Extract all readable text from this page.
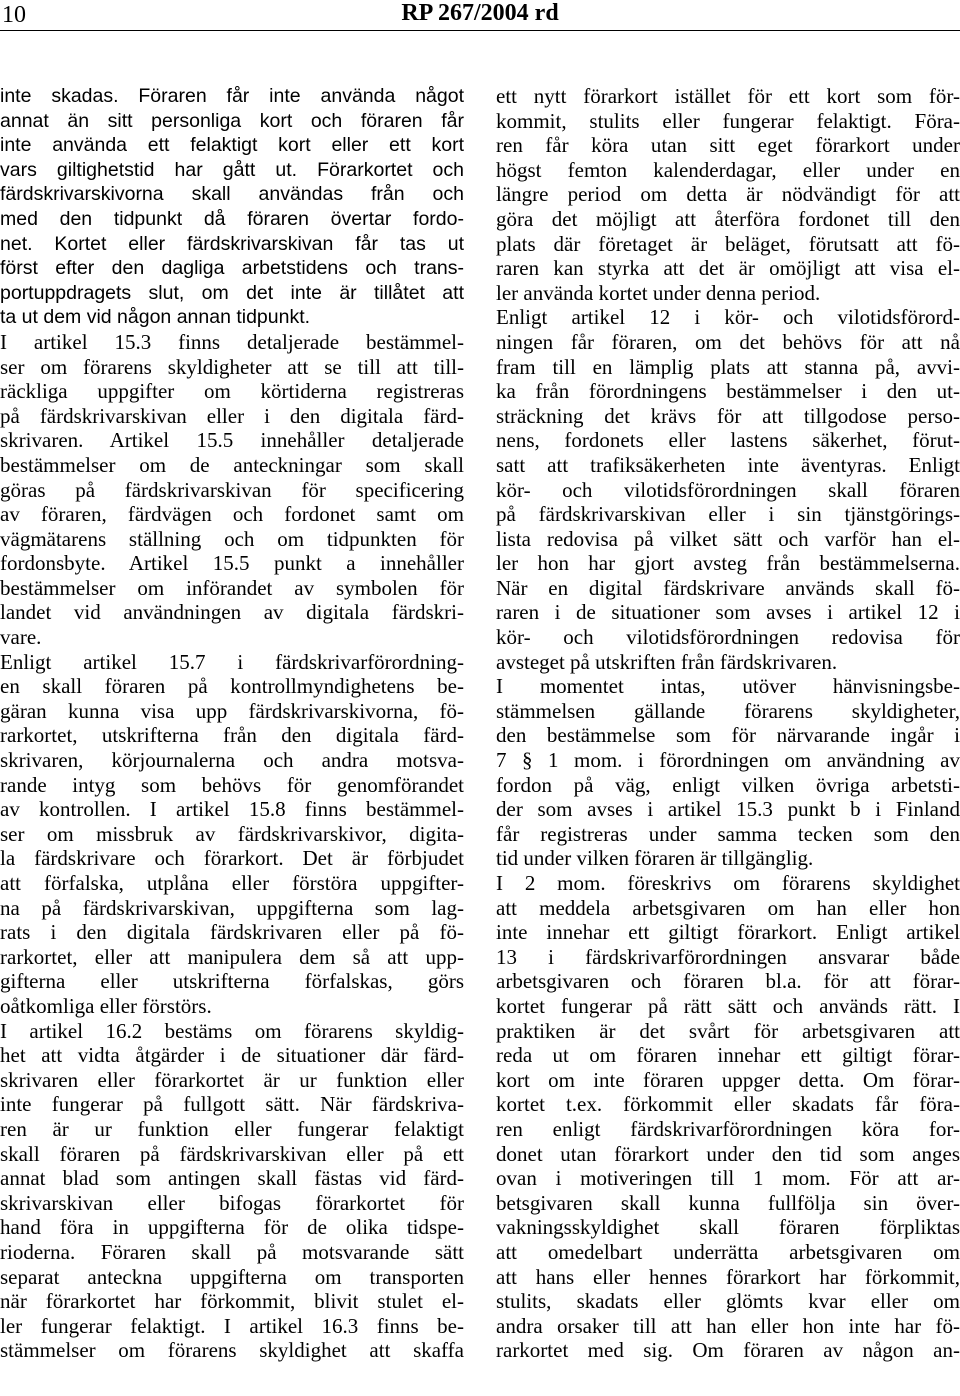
10	RP 267/2004 rd
inte skadas. Föraren får inte använda något
annat än sitt personliga kort och föraren får
inte använda ett felaktigt kort eller ett kort
vars giltighetstid har gått ut. Förarkortet och
färdskrivarskivorna skall användas från och
med den tidpunkt då föraren övertar fordo-
net. Kortet eller färdskrivarskivan får tas ut
först efter den dagliga arbetstidens och trans-
portuppdragets slut, om det inte är tillåtet att
ta ut dem vid någon annan tidpunkt.
I artikel 15.3 finns detaljerade bestämmel-
ser om förarens skyldigheter att se till att till-
räckliga uppgifter om körtiderna registreras
på färdskrivarskivan eller i den digitala färd-
skrivaren. Artikel 15.5 innehåller detaljerade
bestämmelser om de anteckningar som skall
göras på färdskrivarskivan för specificering
av föraren, färdvägen och fordonet samt om
vägmätarens ställning och om tidpunkten för
fordonsbyte. Artikel 15.5 punkt a innehåller
bestämmelser om införandet av symbolen för
landet vid användningen av digitala färdskri-
vare.
Enligt artikel 15.7 i färdskrivarförordning-
en skall föraren på kontrollmyndighetens be-
gäran kunna visa upp färdskrivarskivorna, fö-
rarkortet, utskrifterna från den digitala färd-
skrivaren, körjournalerna och andra motsva-
rande intyg som behövs för genomförandet
av kontrollen. I artikel 15.8 finns bestämmel-
ser om missbruk av färdskrivarskivor, digita-
la färdskrivare och förarkort. Det är förbjudet
att förfalska, utplåna eller förstöra uppgifter-
na på färdskrivarskivan, uppgifterna som lag-
rats i den digitala färdskrivaren eller på fö-
rarkortet, eller att manipulera dem så att upp-
gifterna eller utskrifterna förfalskas, görs
oåtkomliga eller förstörs.
I artikel 16.2 bestäms om förarens skyldig-
het att vidta åtgärder i de situationer där färd-
skrivaren eller förarkortet är ur funktion eller
inte fungerar på fullgott sätt. När färdskriva-
ren är ur funktion eller fungerar felaktigt
skall föraren på färdskrivarskivan eller på ett
annat blad som antingen skall fästas vid färd-
skrivarskivan eller bifogas förarkortet för
hand föra in uppgifterna för de olika tidspe-
rioderna. Föraren skall på motsvarande sätt
separat anteckna uppgifterna om transporten
när förarkortet har förkommit, blivit stulet el-
ler fungerar felaktigt. I artikel 16.3 finns be-
stämmelser om förarens skyldighet att skaffa
ett nytt förarkort istället för ett kort som för-
kommit, stulits eller fungerar felaktigt. Föra-
ren får köra utan sitt eget förarkort under
högst femton kalenderdagar, eller under en
längre period om detta är nödvändigt för att
göra det möjligt att återföra fordonet till den
plats där företaget är beläget, förutsatt att fö-
raren kan styrka att det är omöjligt att visa el-
ler använda kortet under denna period.
Enligt artikel 12 i kör- och vilotidsförord-
ningen får föraren, om det behövs för att nå
fram till en lämplig plats att stanna på, avvi-
ka från förordningens bestämmelser i den ut-
sträckning det krävs för att tillgodose perso-
nens, fordonets eller lastens säkerhet, förut-
satt att trafiksäkerheten inte äventyras. Enligt
kör- och vilotidsförordningen skall föraren
på färdskrivarskivan eller i sin tjänstgörings-
lista redovisa på vilket sätt och varför han el-
ler hon har gjort avsteg från bestämmelserna.
När en digital färdskrivare används skall fö-
raren i de situationer som avses i artikel 12 i
kör- och vilotidsförordningen redovisa för
avsteget på utskriften från färdskrivaren.
I momentet intas, utöver hänvisningsbe-
stämmelsen gällande förarens skyldigheter,
den bestämmelse som för närvarande ingår i
7 § 1 mom. i förordningen om användning av
fordon på väg, enligt vilken övriga arbetsti-
der som avses i artikel 15.3 punkt b i Finland
får registreras under samma tecken som den
tid under vilken föraren är tillgänglig.
I 2 mom. föreskrivs om förarens skyldighet
att meddela arbetsgivaren om han eller hon
inte innehar ett giltigt förarkort. Enligt artikel
13 i färdskrivarförordningen ansvarar både
arbetsgivaren och föraren bl.a. för att förar-
kortet fungerar på rätt sätt och används rätt. I
praktiken är det svårt för arbetsgivaren att
reda ut om föraren innehar ett giltigt förar-
kort om inte föraren uppger detta. Om förar-
kortet t.ex. förkommit eller skadats får föra-
ren enligt färdskrivarförordningen köra for-
donet utan förarkort under den tid som anges
ovan i motiveringen till 1 mom. För att ar-
betsgivaren skall kunna fullfölja sin över-
vakningsskyldighet skall föraren förpliktas
att omedelbart underrätta arbetsgivaren om
att hans eller hennes förarkort har förkommit,
stulits, skadats eller glömts kvar eller om
andra orsaker till att han eller hon inte har fö-
rarkortet med sig. Om föraren av någon an-
